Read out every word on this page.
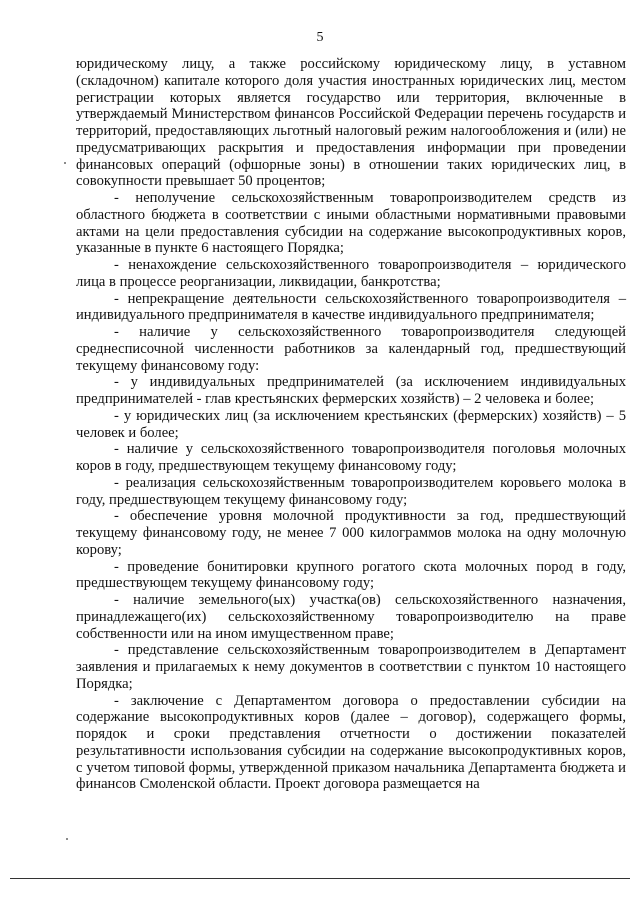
5

юридическому лицу, а также российскому юридическому лицу, в уставном (складочном) капитале которого доля участия иностранных юридических лиц, местом регистрации которых является государство или территория, включенные в утверждаемый Министерством финансов Российской Федерации перечень государств и территорий, предоставляющих льготный налоговый режим налогообложения и (или) не предусматривающих раскрытия и предоставления информации при проведении финансовых операций (офшорные зоны) в отношении таких юридических лиц, в совокупности превышает 50 процентов;

- неполучение сельскохозяйственным товаропроизводителем средств из областного бюджета в соответствии с иными областными нормативными правовыми актами на цели предоставления субсидии на содержание высокопродуктивных коров, указанные в пункте 6 настоящего Порядка;

- ненахождение сельскохозяйственного товаропроизводителя – юридического лица в процессе реорганизации, ликвидации, банкротства;

- непрекращение деятельности сельскохозяйственного товаропроизводителя – индивидуального предпринимателя в качестве индивидуального предпринимателя;

- наличие у сельскохозяйственного товаропроизводителя следующей среднесписочной численности работников за календарный год, предшествующий текущему финансовому году:

- у индивидуальных предпринимателей (за исключением индивидуальных предпринимателей - глав крестьянских фермерских хозяйств) – 2 человека и более;

- у юридических лиц (за исключением крестьянских (фермерских) хозяйств) – 5 человек и более;

- наличие у сельскохозяйственного товаропроизводителя поголовья молочных коров в году, предшествующем текущему финансовому году;

- реализация сельскохозяйственным товаропроизводителем коровьего молока в году, предшествующем текущему финансовому году;

- обеспечение уровня молочной продуктивности за год, предшествующий текущему финансовому году, не менее 7 000 килограммов молока на одну молочную корову;

- проведение бонитировки крупного рогатого скота молочных пород в году, предшествующем текущему финансовому году;

- наличие земельного(ых) участка(ов) сельскохозяйственного назначения, принадлежащего(их) сельскохозяйственному товаропроизводителю на праве собственности или на ином имущественном праве;

- представление сельскохозяйственным товаропроизводителем в Департамент заявления и прилагаемых к нему документов в соответствии с пунктом 10 настоящего Порядка;

- заключение с Департаментом договора о предоставлении субсидии на содержание высокопродуктивных коров (далее – договор), содержащего формы, порядок и сроки представления отчетности о достижении показателей результативности использования субсидии на содержание высокопродуктивных коров, с учетом типовой формы, утвержденной приказом начальника Департамента бюджета и финансов Смоленской области. Проект договора размещается на
